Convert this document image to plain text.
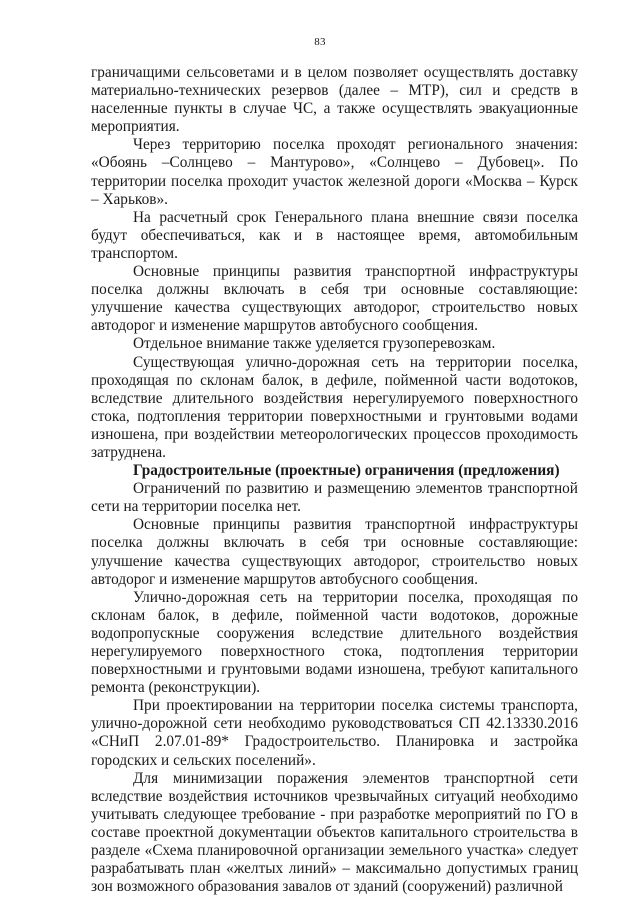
83

граничащими сельсоветами и в целом позволяет осуществлять доставку материально-технических резервов (далее – МТР), сил и средств в населенные пункты в случае ЧС, а также осуществлять эвакуационные мероприятия.

Через территорию поселка проходят регионального значения: «Обоянь –Солнцево – Мантурово», «Солнцево – Дубовец». По территории поселка проходит участок железной дороги «Москва – Курск – Харьков».

На расчетный срок Генерального плана внешние связи поселка будут обеспечиваться, как и в настоящее время, автомобильным транспортом.

Основные принципы развития транспортной инфраструктуры поселка должны включать в себя три основные составляющие: улучшение качества существующих автодорог, строительство новых автодорог и изменение маршрутов автобусного сообщения.

Отдельное внимание также уделяется грузоперевозкам.

Существующая улично-дорожная сеть на территории поселка, проходящая по склонам балок, в дефиле, пойменной части водотоков, вследствие длительного воздействия нерегулируемого поверхностного стока, подтопления территории поверхностными и грунтовыми водами изношена, при воздействии метеорологических процессов проходимость затруднена.

Градостроительные (проектные) ограничения (предложения)

Ограничений по развитию и размещению элементов транспортной сети на территории поселка нет.

Основные принципы развития транспортной инфраструктуры поселка должны включать в себя три основные составляющие: улучшение качества существующих автодорог, строительство новых автодорог и изменение маршрутов автобусного сообщения.

Улично-дорожная сеть на территории поселка, проходящая по склонам балок, в дефиле, пойменной части водотоков, дорожные водопропускные сооружения вследствие длительного воздействия нерегулируемого поверхностного стока, подтопления территории поверхностными и грунтовыми водами изношена, требуют капитального ремонта (реконструкции).

При проектировании на территории поселка системы транспорта, улично-дорожной сети необходимо руководствоваться СП 42.13330.2016 «СНиП 2.07.01-89* Градостроительство. Планировка и застройка городских и сельских поселений».

Для минимизации поражения элементов транспортной сети вследствие воздействия источников чрезвычайных ситуаций необходимо учитывать следующее требование - при разработке мероприятий по ГО в составе проектной документации объектов капитального строительства в разделе «Схема планировочной организации земельного участка» следует разрабатывать план «желтых линий» – максимально допустимых границ зон возможного образования завалов от зданий (сооружений) различной
